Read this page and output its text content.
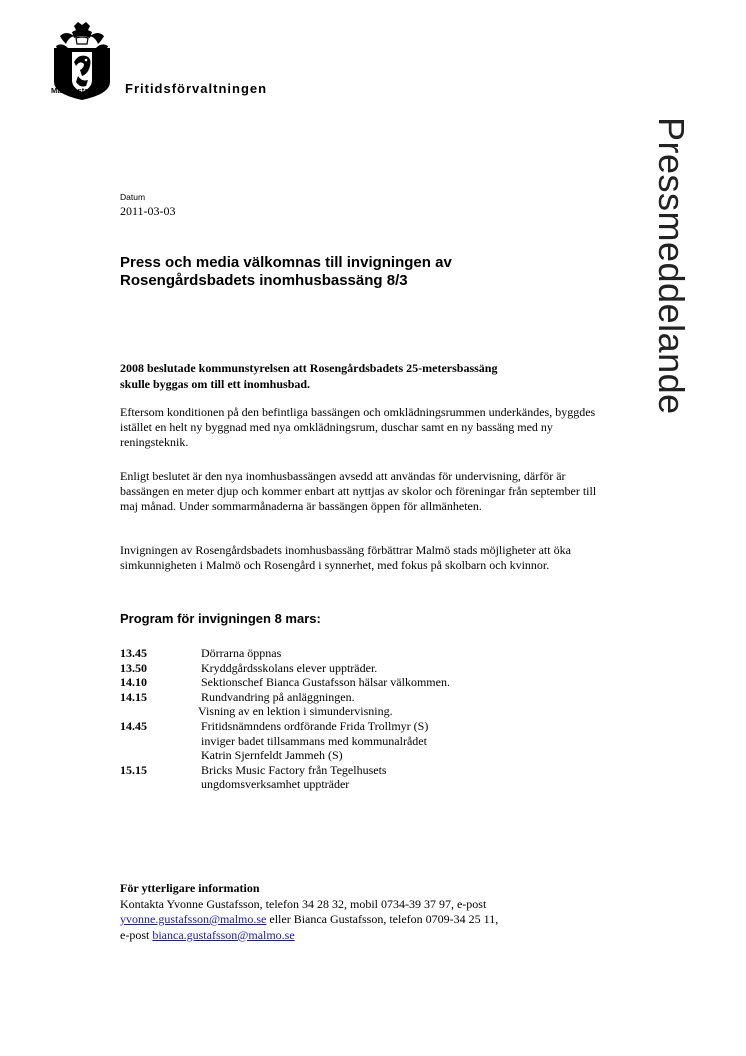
Malmö stad Fritidsförvaltningen
Pressmeddelande
Datum
2011-03-03
Press och media välkomnas till invigningen av Rosengårdsbadets inomhusbassäng 8/3

2008 beslutade kommunstyrelsen att Rosengårdsbadets 25-metersbassäng skulle byggas om till ett inomhusbad.

Eftersom konditionen på den befintliga bassängen och omklädningsrummen underkändes, byggdes istället en helt ny byggnad med nya omklädningsrum, duschar samt en ny bassäng med ny reningsteknik.

Enligt beslutet är den nya inomhusbassängen avsedd att användas för undervisning, därför är bassängen en meter djup och kommer enbart att nyttjas av skolor och föreningar från september till maj månad. Under sommarmånaderna är bassängen öppen för allmänheten.

Invigningen av Rosengårdsbadets inomhusbassäng förbättrar Malmö stads möjligheter att öka simkunnigheten i Malmö och Rosengård i synnerhet, med fokus på skolbarn och kvinnor.

Program för invigningen 8 mars:
13.45	Dörrarna öppnas
13.50	Kryddgårdsskolans elever uppträder.
14.10	Sektionschef Bianca Gustafsson hälsar välkommen.
14.15	Rundvandring på anläggningen.
Visning av en lektion i simundervisning.
14.45	Fritidsnämndens ordförande Frida Trollmyr (S)
inviger badet tillsammans med kommunalrådet
Katrin Sjernfeldt Jammeh (S)
15.15	Bricks Music Factory från Tegelhusets
ungdomsverksamhet uppträder
För ytterligare information
Kontakta Yvonne Gustafsson, telefon 34 28 32, mobil 0734-39 37 97, e-post
yvonne.gustafsson@malmo.se eller Bianca Gustafsson, telefon 0709-34 25 11,
e-post bianca.gustafsson@malmo.se
